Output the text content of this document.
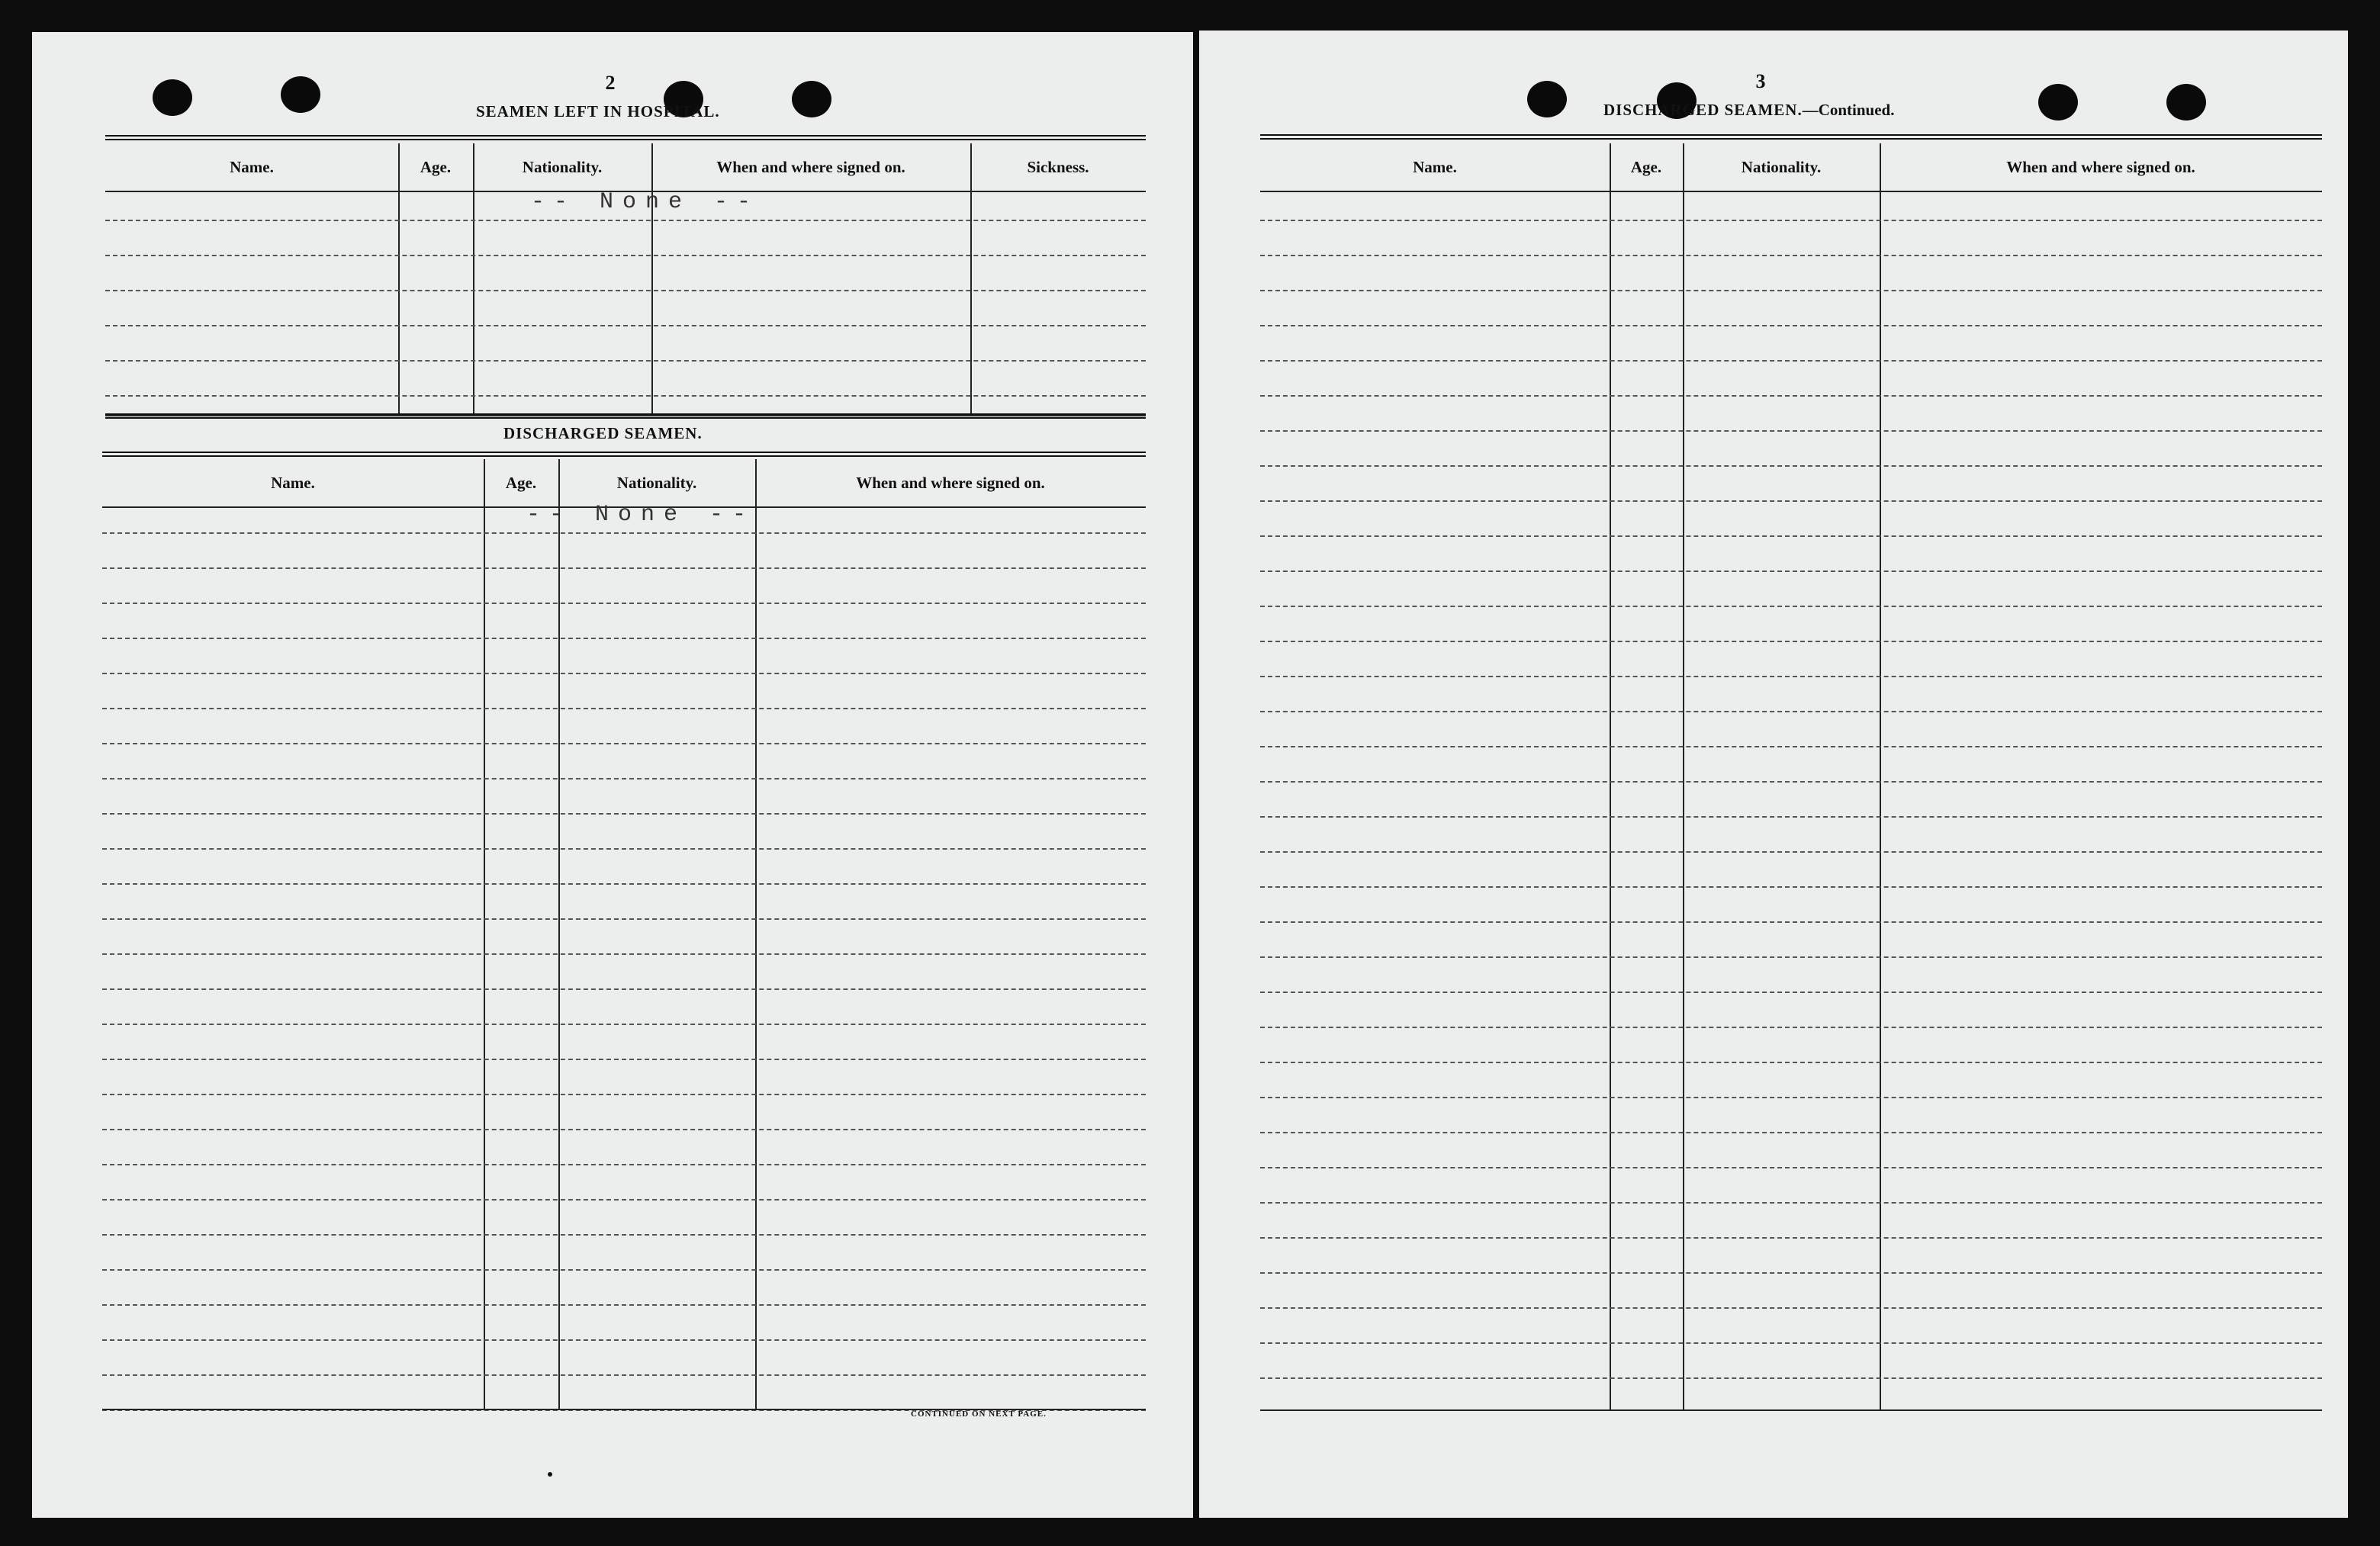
2
SEAMEN LEFT IN HOSPITAL.
Name.	Age.	Nationality.	When and where signed on.	Sickness.
-- None --
DISCHARGED SEAMEN.
Name.	Age.	Nationality.	When and where signed on.
-- None --
CONTINUED ON NEXT PAGE.
3
DISCHARGED SEAMEN.—Continued.
Name.	Age.	Nationality.	When and where signed on.
